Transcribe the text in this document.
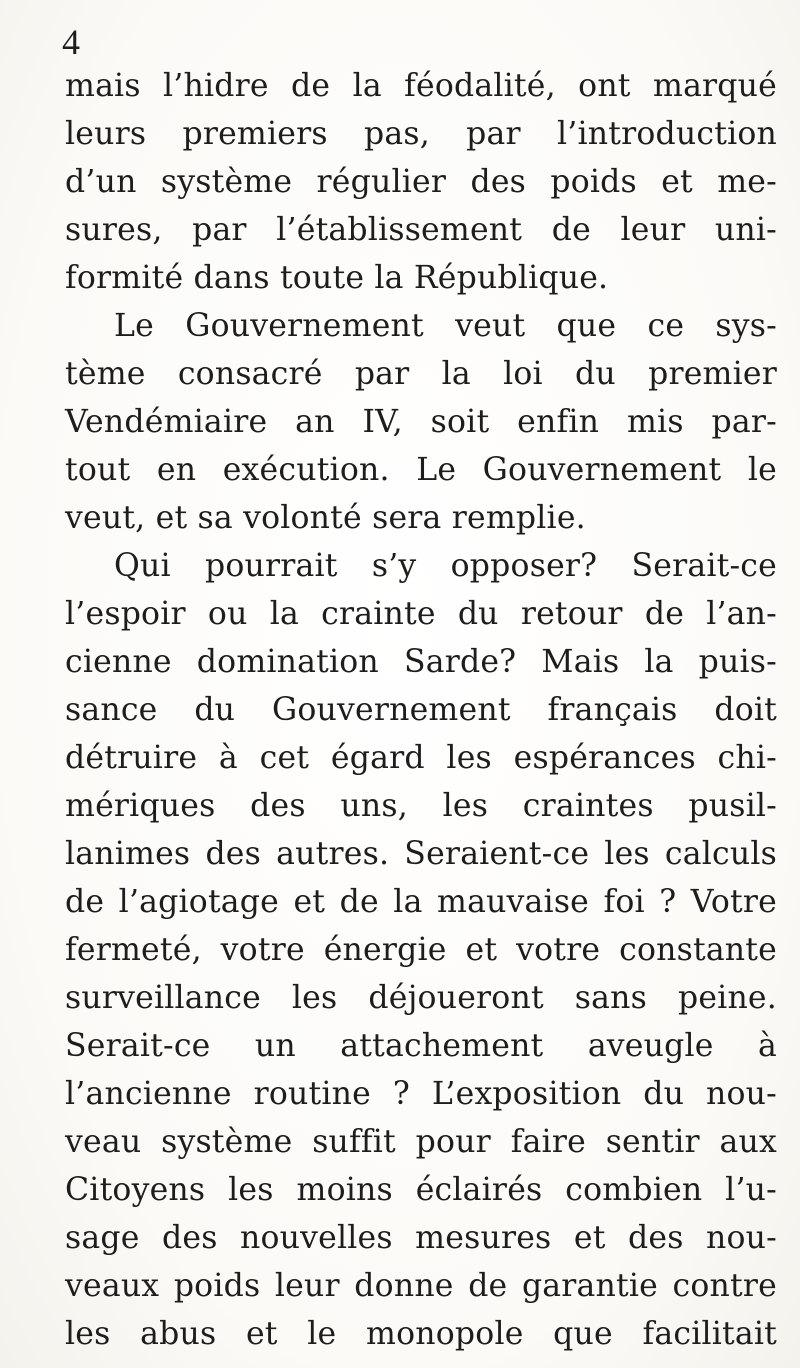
4
mais l’hidre de la féodalité, ont marqué
leurs premiers pas, par l’introduction
d’un système régulier des poids et me-
sures, par l’établissement de leur uni-
formité dans toute la République.
Le Gouvernement veut que ce sys-
tème consacré par la loi du premier
Vendémiaire an IV, soit enfin mis par-
tout en exécution. Le Gouvernement le
veut, et sa volonté sera remplie.
Qui pourrait s’y opposer? Serait-ce
l’espoir ou la crainte du retour de l’an-
cienne domination Sarde? Mais la puis-
sance du Gouvernement français doit
détruire à cet égard les espérances chi-
mériques des uns, les craintes pusil-
lanimes des autres. Seraient-ce les calculs
de l’agiotage et de la mauvaise foi ? Votre
fermeté, votre énergie et votre constante
surveillance les déjoueront sans peine.
Serait-ce un attachement aveugle à
l’ancienne routine ? L’exposition du nou-
veau système suffit pour faire sentir aux
Citoyens les moins éclairés combien l’u-
sage des nouvelles mesures et des nou-
veaux poids leur donne de garantie contre
les abus et le monopole que facilitait
